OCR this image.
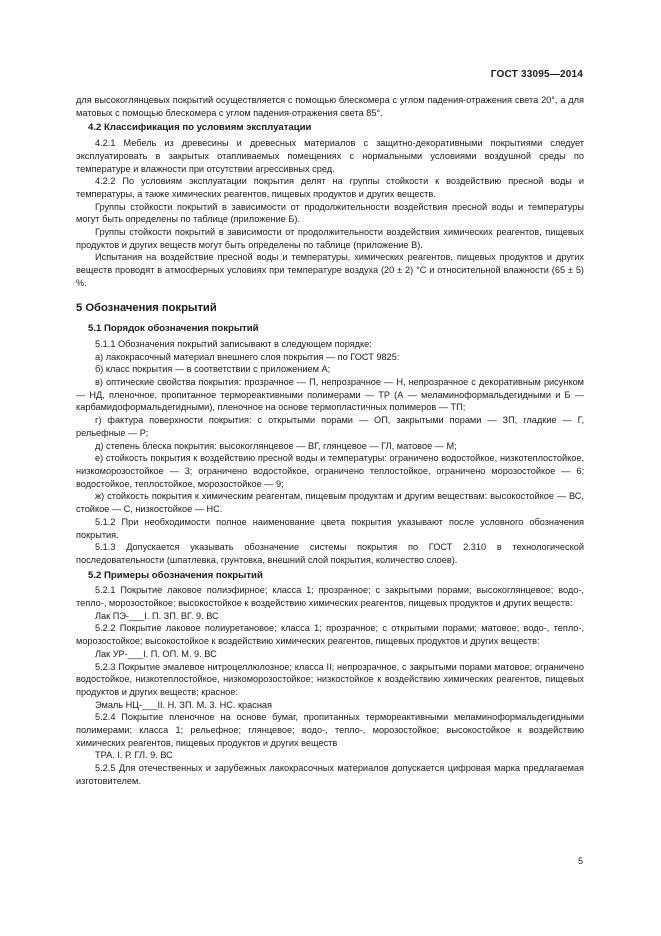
ГОСТ 33095—2014

для высокоглянцевых покрытий осуществляется с помощью блескомера с углом падения-отражения света 20°, а для матовых с помощью блескомера с углом падения-отражения света 85°.

4.2 Классификация по условиям эксплуатации

4.2.1 Мебель из древесины и древесных материалов с защитно-декоративными покрытиями следует эксплуатировать в закрытых отапливаемых помещениях с нормальными условиями воздушной среды по температуре и влажности при отсутствии агрессивных сред.

4.2.2 По условиям эксплуатации покрытия делят на группы стойкости к воздействию пресной воды и температуры, а также химических реагентов, пищевых продуктов и других веществ.

Группы стойкости покрытий в зависимости от продолжительности воздействия пресной воды и температуры могут быть определены по таблице (приложение Б).

Группы стойкости покрытий в зависимости от продолжительности воздействия химических реагентов, пищевых продуктов и других веществ могут быть определены по таблице (приложение В).

Испытания на воздействие пресной воды и температуры, химических реагентов, пищевых продуктов и других веществ проводят в атмосферных условиях при температуре воздуха (20 ± 2) °С и относительной влажности (65 ± 5) %.

5 Обозначения покрытий

5.1 Порядок обозначения покрытий

5.1.1 Обозначения покрытий записывают в следующем порядке:

а) лакокрасочный материал внешнего слоя покрытия — по ГОСТ 9825:

б) класс покрытия — в соответствии с приложением А;

в) оптические свойства покрытия: прозрачное — П, непрозрачное — Н, непрозрачное с декоративным рисунком — НД, пленочное, пропитанное термореактивными полимерами — ТР (А — меламиноформальдегидными и Б — карбамидоформальдегидными), пленочное на основе термопластичных полимеров — ТП;

г) фактура поверхности покрытия: с открытыми порами — ОП, закрытыми порами — ЗП, гладкие — Г, рельефные — Р;

д) степень блеска покрытия: высокоглянцевое — ВГ, глянцевое — ГЛ, матовое — М;

е) стойкость покрытия к воздействию пресной воды и температуры: ограничено водостойкое, низкотеплостойкое, низкоморозостойкое — 3; ограничено водостойкое, ограничено теплостойкое, ограничено морозостойкое — 6; водостойкое, теплостойкое, морозостойкое — 9;

ж) стойкость покрытия к химическим реагентам, пищевым продуктам и другим веществам: высокостойкое — ВС, стойкое — С, низкостойкое — НС.

5.1.2 При необходимости полное наименование цвета покрытия указывают после условного обозначения покрытия.

5.1.3 Допускается указывать обозначение системы покрытия по ГОСТ 2.310 в технологической последовательности (шпатлевка, грунтовка, внешний слой покрытия, количество слоев).

5.2 Примеры обозначения покрытий

5.2.1 Покрытие лаковое полиэфирное; класса 1; прозрачное; с закрытыми порами; высокоглянцевое; водо-, тепло-, морозостойкое; высокостойкое к воздействию химических реагентов, пищевых продуктов и других веществ:

Лак ПЭ-___I. П. ЗП. ВГ. 9. ВС

5.2.2 Покрытие лаковое полиуретановое; класса 1; прозрачное; с открытыми порами; матовое; водо-, тепло-, морозостойкое; высокостойкое к воздействию химических реагентов, пищевых продуктов и других веществ:

Лак УР-___I. П. ОП. М. 9. ВС

5.2.3 Покрытие эмалевое нитроцеллюлозное; класса II; непрозрачное, с закрытыми порами матовое; ограничено водостойкое, низкотеплостойкое, низкоморозостойкое; низкостойкое к воздействию химических реагентов, пищевых продуктов и других веществ; красное:

Эмаль НЦ-___II. Н. ЗП. М. 3. НС. красная

5.2.4 Покрытие пленочное на основе бумаг, пропитанных термореактивными меламиноформальдегидными полимерами; класса 1; рельефное; глянцевое; водо-, тепло-, морозостойкое; высокостойкое к воздействию химических реагентов, пищевых продуктов и других веществ

ТРА. I. Р. ГЛ. 9. ВС

5.2.5 Для отечественных и зарубежных лакокрасочных материалов допускается цифровая марка предлагаемая изготовителем.

5
